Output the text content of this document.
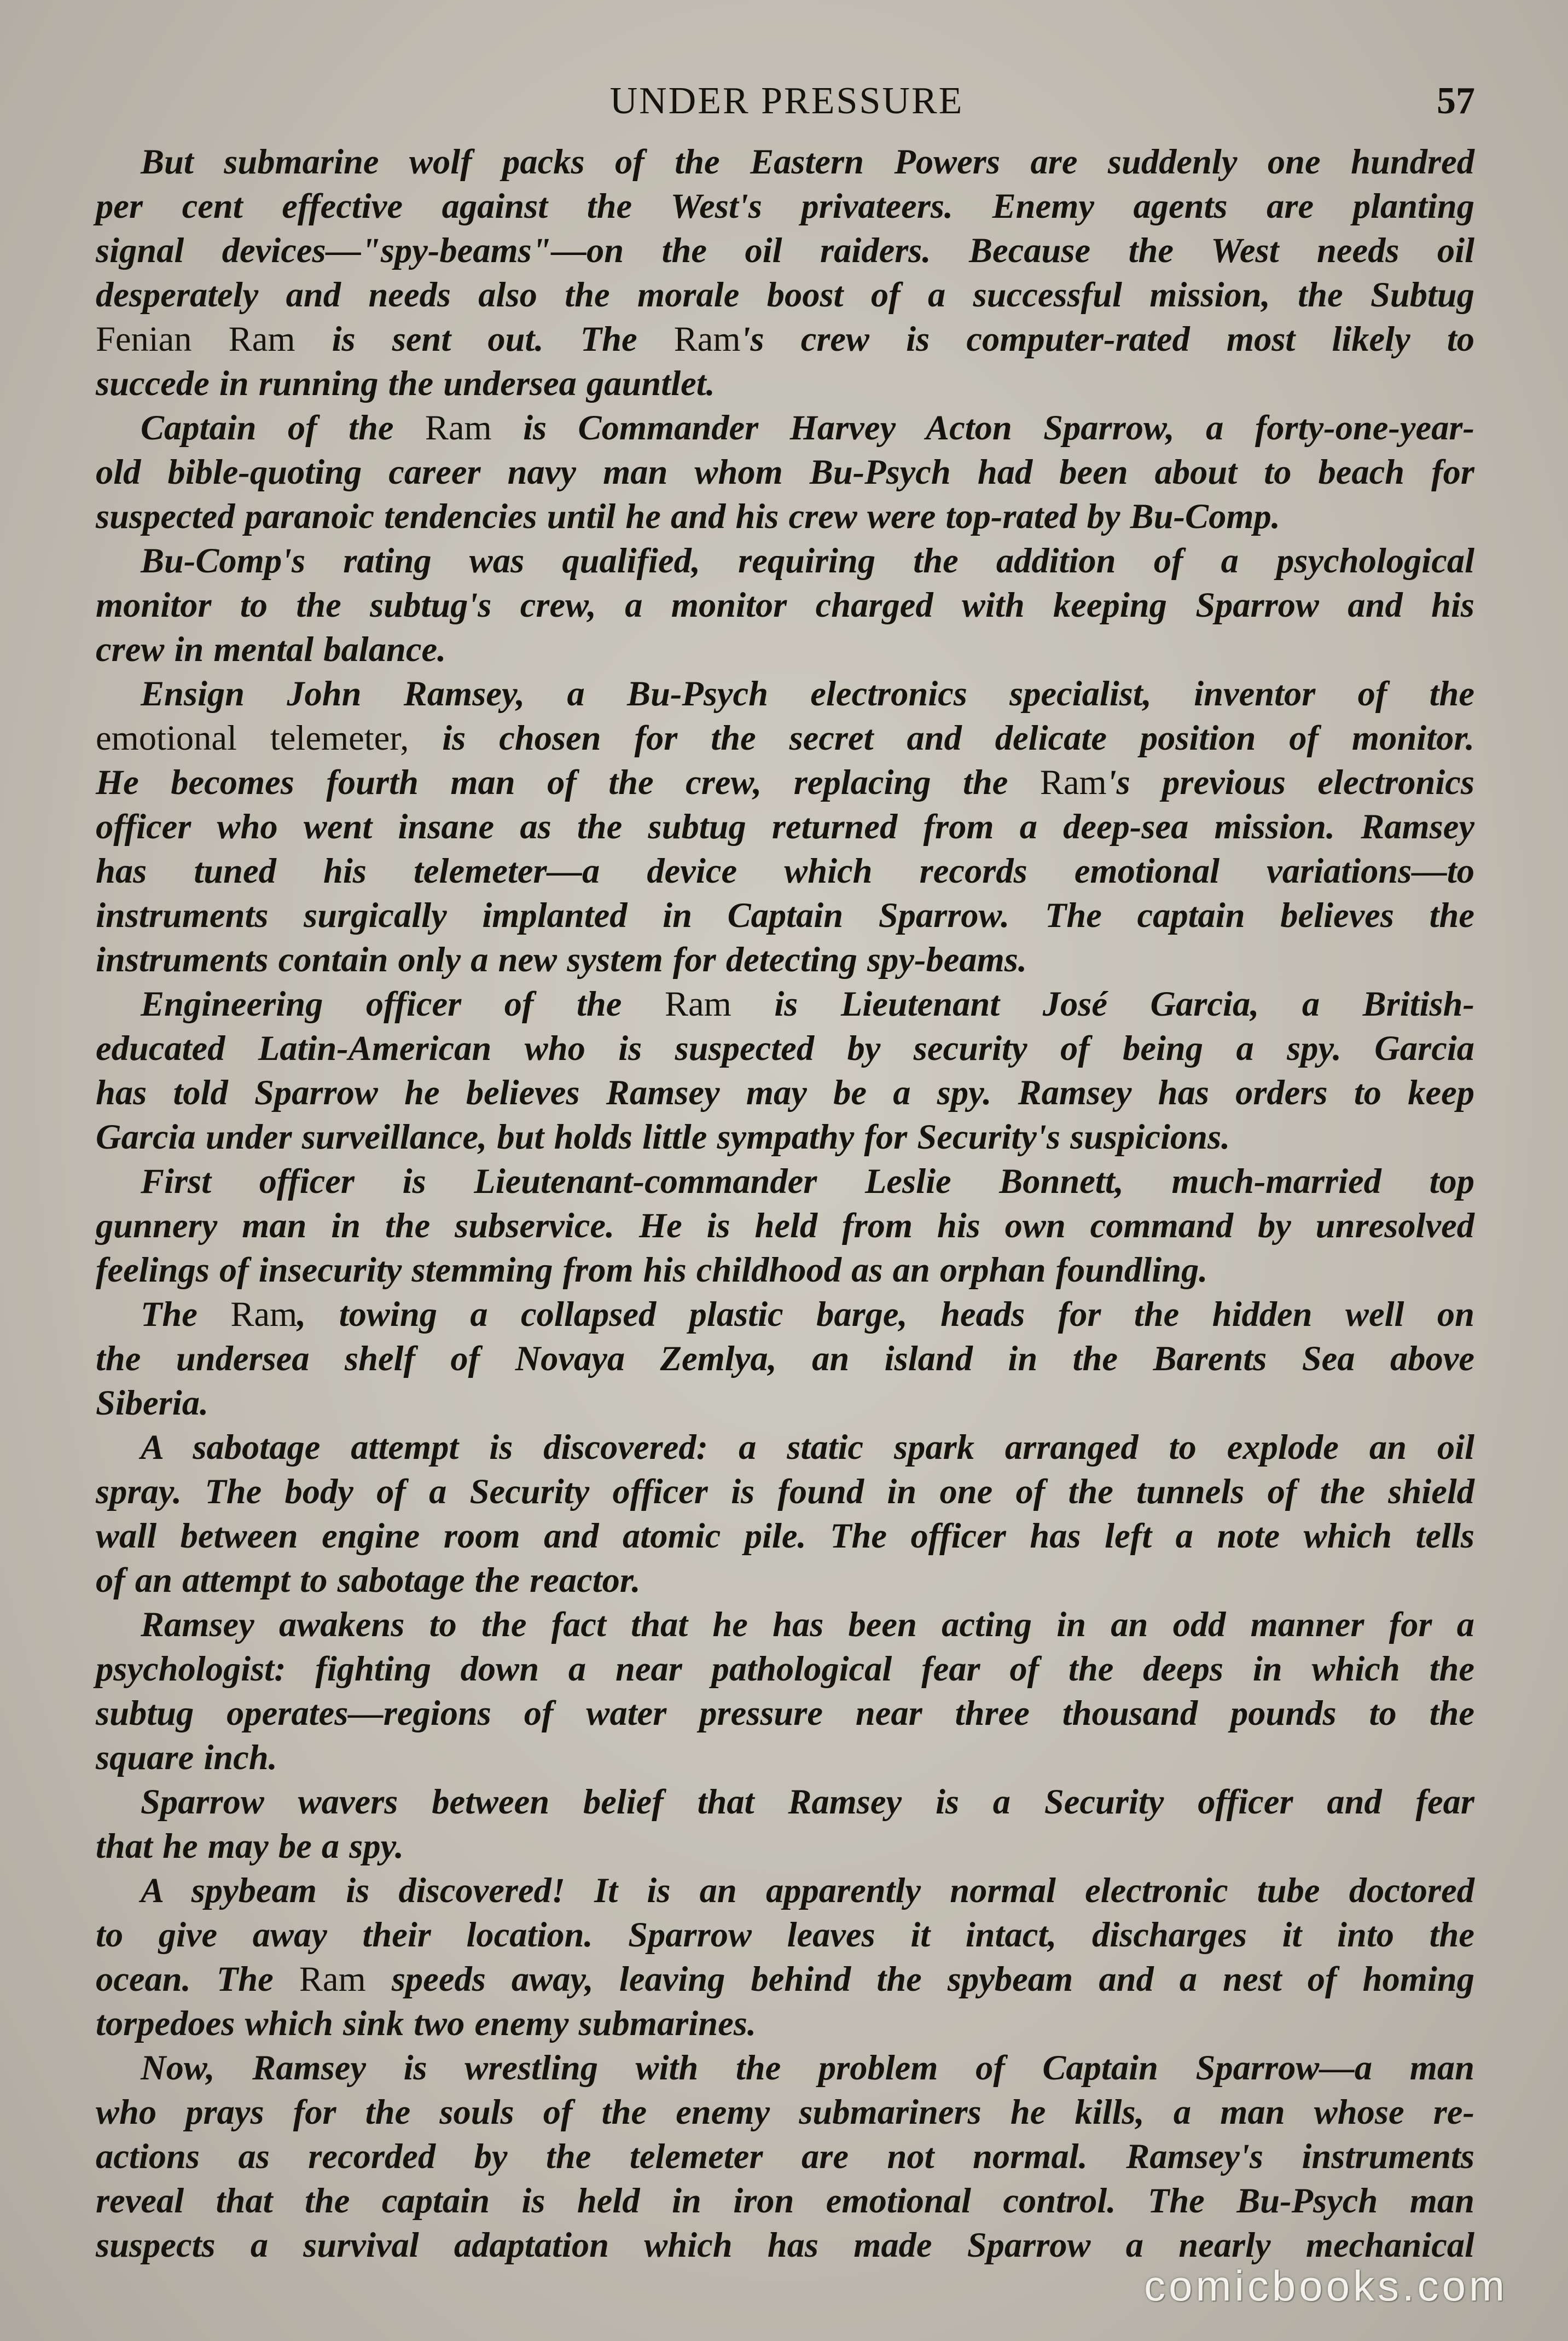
UNDER PRESSURE	57
But submarine wolf packs of the Eastern Powers are suddenly one hundred
per cent effective against the West's privateers. Enemy agents are planting
signal devices—"spy-beams"—on the oil raiders. Because the West needs oil
desperately and needs also the morale boost of a successful mission, the Subtug
Fenian Ram is sent out. The Ram's crew is computer-rated most likely to
succede in running the undersea gauntlet.
Captain of the Ram is Commander Harvey Acton Sparrow, a forty-one-year-
old bible-quoting career navy man whom Bu-Psych had been about to beach for
suspected paranoic tendencies until he and his crew were top-rated by Bu-Comp.
Bu-Comp's rating was qualified, requiring the addition of a psychological
monitor to the subtug's crew, a monitor charged with keeping Sparrow and his
crew in mental balance.
Ensign John Ramsey, a Bu-Psych electronics specialist, inventor of the
emotional telemeter, is chosen for the secret and delicate position of monitor.
He becomes fourth man of the crew, replacing the Ram's previous electronics
officer who went insane as the subtug returned from a deep-sea mission. Ramsey
has tuned his telemeter—a device which records emotional variations—to
instruments surgically implanted in Captain Sparrow. The captain believes the
instruments contain only a new system for detecting spy-beams.
Engineering officer of the Ram is Lieutenant José Garcia, a British-
educated Latin-American who is suspected by security of being a spy. Garcia
has told Sparrow he believes Ramsey may be a spy. Ramsey has orders to keep
Garcia under surveillance, but holds little sympathy for Security's suspicions.
First officer is Lieutenant-commander Leslie Bonnett, much-married top
gunnery man in the subservice. He is held from his own command by unresolved
feelings of insecurity stemming from his childhood as an orphan foundling.
The Ram, towing a collapsed plastic barge, heads for the hidden well on
the undersea shelf of Novaya Zemlya, an island in the Barents Sea above
Siberia.
A sabotage attempt is discovered: a static spark arranged to explode an oil
spray. The body of a Security officer is found in one of the tunnels of the shield
wall between engine room and atomic pile. The officer has left a note which tells
of an attempt to sabotage the reactor.
Ramsey awakens to the fact that he has been acting in an odd manner for a
psychologist: fighting down a near pathological fear of the deeps in which the
subtug operates—regions of water pressure near three thousand pounds to the
square inch.
Sparrow wavers between belief that Ramsey is a Security officer and fear
that he may be a spy.
A spybeam is discovered! It is an apparently normal electronic tube doctored
to give away their location. Sparrow leaves it intact, discharges it into the
ocean. The Ram speeds away, leaving behind the spybeam and a nest of homing
torpedoes which sink two enemy submarines.
Now, Ramsey is wrestling with the problem of Captain Sparrow—a man
who prays for the souls of the enemy submariners he kills, a man whose re-
actions as recorded by the telemeter are not normal. Ramsey's instruments
reveal that the captain is held in iron emotional control. The Bu-Psych man
suspects a survival adaptation which has made Sparrow a nearly mechanical
comicbooks.com
